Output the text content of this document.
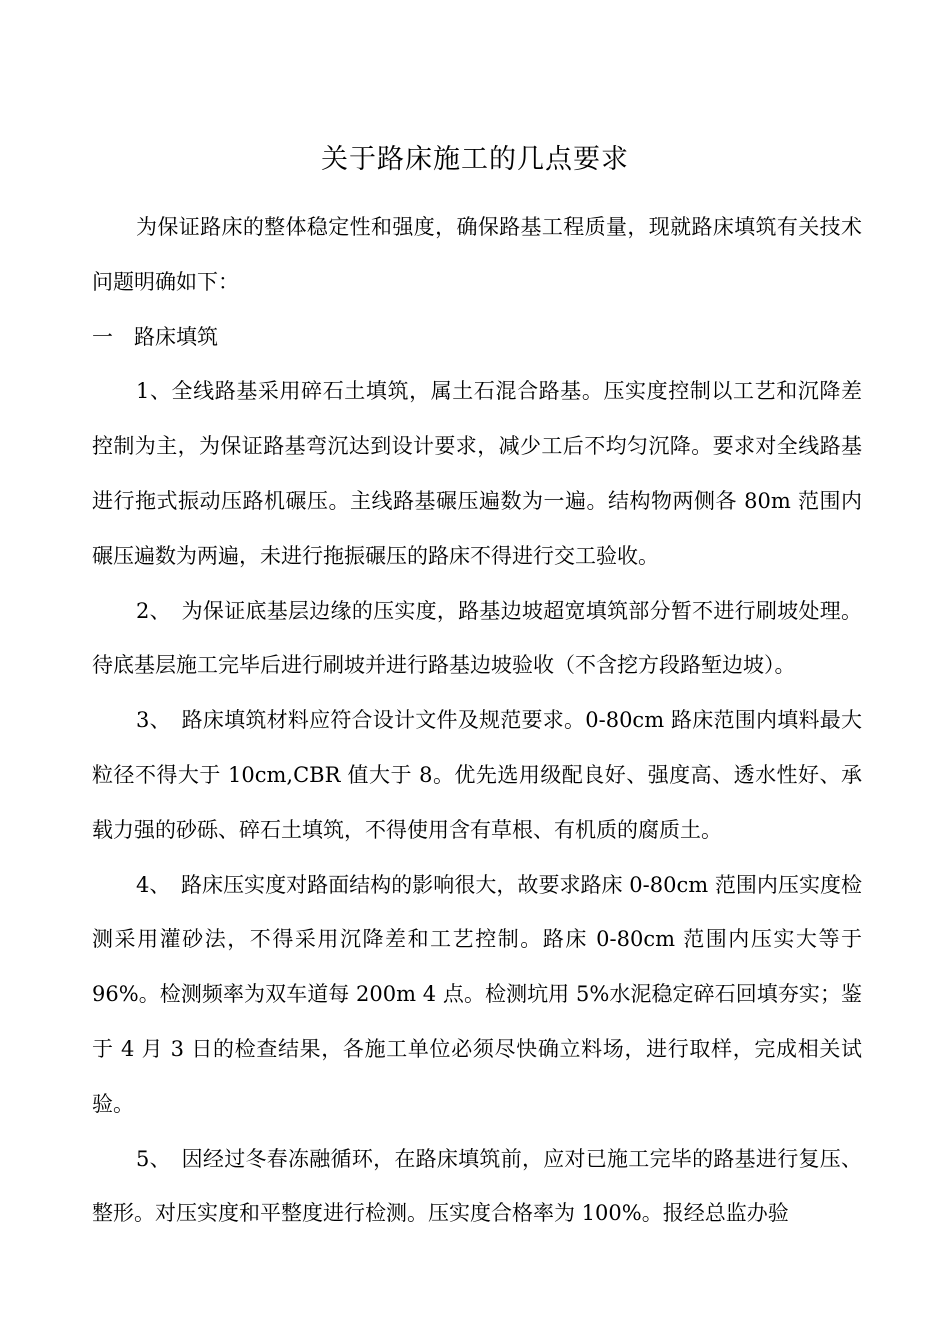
关于路床施工的几点要求

为保证路床的整体稳定性和强度，确保路基工程质量，现就路床填筑有关技术问题明确如下：

一　路床填筑

1、全线路基采用碎石土填筑，属土石混合路基。压实度控制以工艺和沉降差控制为主，为保证路基弯沉达到设计要求，减少工后不均匀沉降。要求对全线路基进行拖式振动压路机碾压。主线路基碾压遍数为一遍。结构物两侧各 80m 范围内碾压遍数为两遍，未进行拖振碾压的路床不得进行交工验收。

2、　为保证底基层边缘的压实度，路基边坡超宽填筑部分暂不进行刷坡处理。待底基层施工完毕后进行刷坡并进行路基边坡验收（不含挖方段路堑边坡）。

3、　路床填筑材料应符合设计文件及规范要求。0-80cm 路床范围内填料最大粒径不得大于 10cm,CBR 值大于 8。优先选用级配良好、强度高、透水性好、承载力强的砂砾、碎石土填筑，不得使用含有草根、有机质的腐质土。

4、　路床压实度对路面结构的影响很大，故要求路床 0-80cm 范围内压实度检测采用灌砂法，不得采用沉降差和工艺控制。路床 0-80cm 范围内压实大等于 96%。检测频率为双车道每 200m 4 点。检测坑用 5%水泥稳定碎石回填夯实；鉴于 4 月 3 日的检查结果，各施工单位必须尽快确立料场，进行取样，完成相关试验。

5、　因经过冬春冻融循环，在路床填筑前，应对已施工完毕的路基进行复压、整形。对压实度和平整度进行检测。压实度合格率为 100%。报经总监办验
